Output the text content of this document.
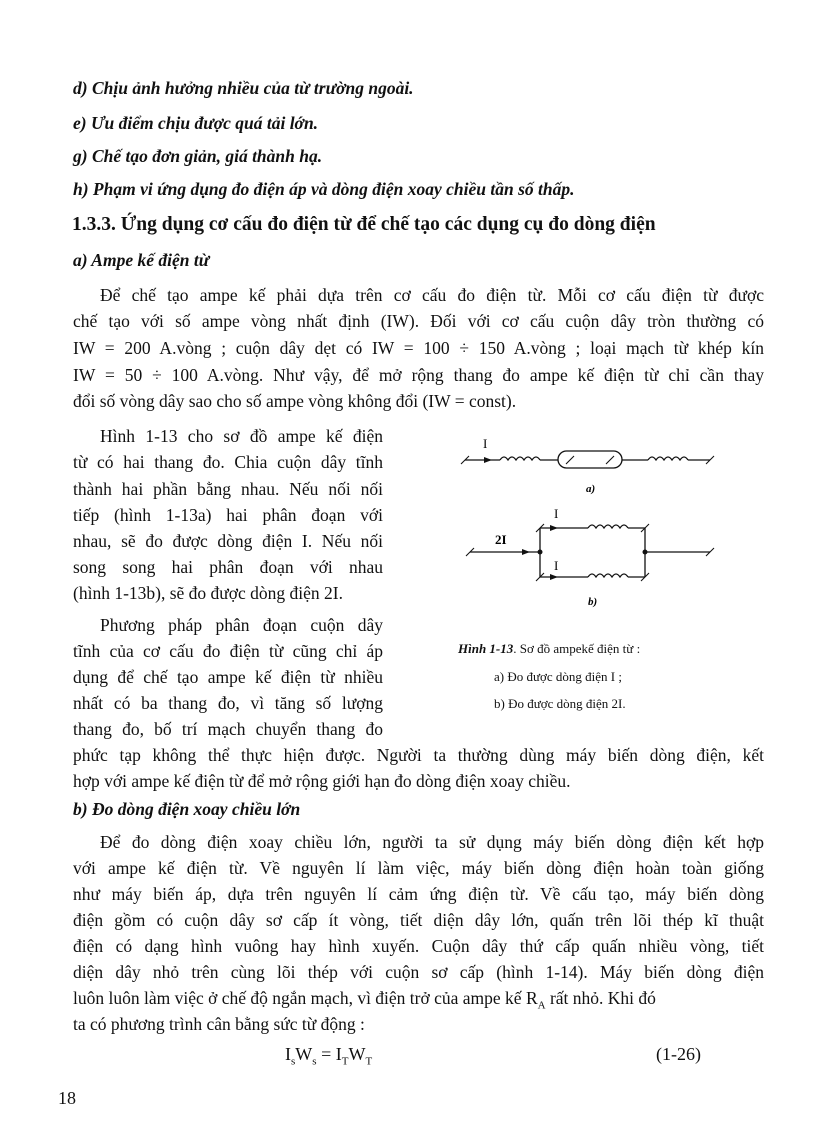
d) Chịu ảnh hưởng nhiều của từ trường ngoài.
e) Ưu điểm chịu được quá tải lớn.
g) Chế tạo đơn giản, giá thành hạ.
h) Phạm vi ứng dụng đo điện áp và dòng điện xoay chiều tần số thấp.
1.3.3. Ứng dụng cơ cấu đo điện từ để chế tạo các dụng cụ đo dòng điện
a) Ampe kế điện từ
Để chế tạo ampe kế phải dựa trên cơ cấu đo điện từ. Mỗi cơ cấu điện từ được
chế tạo với số ampe vòng nhất định (IW). Đối với cơ cấu cuộn dây tròn thường có
IW = 200 A.vòng ; cuộn dây dẹt có IW = 100 ÷ 150 A.vòng ; loại mạch từ khép kín
IW = 50 ÷ 100 A.vòng. Như vậy, để mở rộng thang đo ampe kế điện từ chỉ cần thay
đổi số vòng dây sao cho số ampe vòng không đổi (IW = const).
Hình 1-13 cho sơ đồ ampe kế điện
từ có hai thang đo. Chia cuộn dây tĩnh
thành hai phần bằng nhau. Nếu nối nối
tiếp (hình 1-13a) hai phân đoạn với
nhau, sẽ đo được dòng điện I. Nếu nối
song song hai phân đoạn với nhau
(hình 1-13b), sẽ đo được dòng điện 2I.
Phương pháp phân đoạn cuộn dây
tĩnh của cơ cấu đo điện từ cũng chỉ áp
dụng để chế tạo ampe kế điện từ nhiều
nhất có ba thang đo, vì tăng số lượng
thang đo, bố trí mạch chuyển thang đo
phức tạp không thể thực hiện được. Người ta thường dùng máy biến dòng điện, kết
hợp với ampe kế điện từ để mở rộng giới hạn đo dòng điện xoay chiều.
I
a)
I
2I
I
b)
Hình 1-13. Sơ đồ ampekế điện từ :
a) Đo được dòng điện I ;
b) Đo được dòng điện 2I.
b) Đo dòng điện xoay chiều lớn
Để đo dòng điện xoay chiều lớn, người ta sử dụng máy biến dòng điện kết hợp
với ampe kế điện từ. Về nguyên lí làm việc, máy biến dòng điện hoàn toàn giống
như máy biến áp, dựa trên nguyên lí cảm ứng điện từ. Về cấu tạo, máy biến dòng
điện gồm có cuộn dây sơ cấp ít vòng, tiết diện dây lớn, quấn trên lõi thép kĩ thuật
điện có dạng hình vuông hay hình xuyến. Cuộn dây thứ cấp quấn nhiều vòng, tiết
diện dây nhỏ trên cùng lõi thép với cuộn sơ cấp (hình 1-14). Máy biến dòng điện
luôn luôn làm việc ở chế độ ngắn mạch, vì điện trở của ampe kế $R_A$ rất nhỏ. Khi đó
ta có phương trình cân bằng sức từ động :
$I_sW_s = I_TW_T$	(1-26)
18
